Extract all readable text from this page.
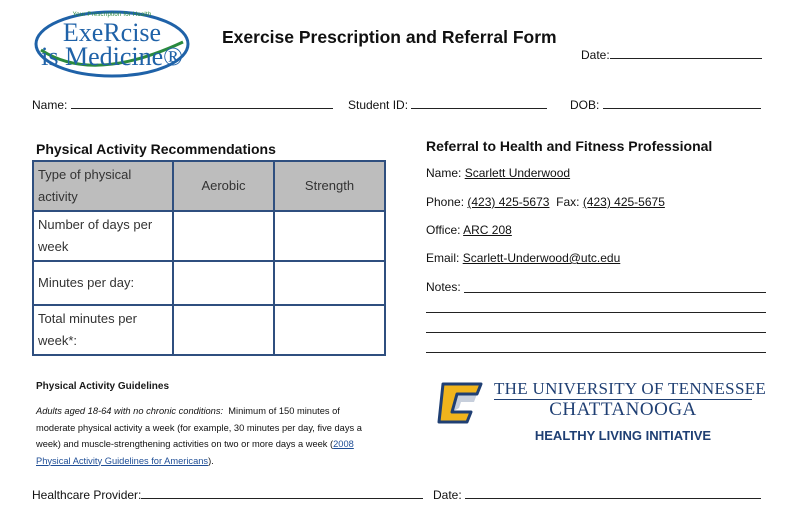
Your Prescription for Health
ExeRcise
is Medicine®
Exercise Prescription and Referral Form
Date:
Name:	Student ID:	DOB:
Physical Activity Recommendations
Type of physical activity	Aerobic	Strength
Number of days per week		
Minutes per day:		
Total minutes per week*:		
Referral to Health and Fitness Professional
Name: Scarlett Underwood
Phone: (423) 425-5673 Fax: (423) 425-5675
Office: ARC 208
Email: Scarlett-Underwood@utc.edu
Notes:
Physical Activity Guidelines
Adults aged 18-64 with no chronic conditions: Minimum of 150 minutes of moderate physical activity a week (for example, 30 minutes per day, five days a week) and muscle-strengthening activities on two or more days a week (2008 Physical Activity Guidelines for Americans).
THE UNIVERSITY OF TENNESSEE
CHATTANOOGA
HEALTHY LIVING INITIATIVE
Healthcare Provider:	Date:
